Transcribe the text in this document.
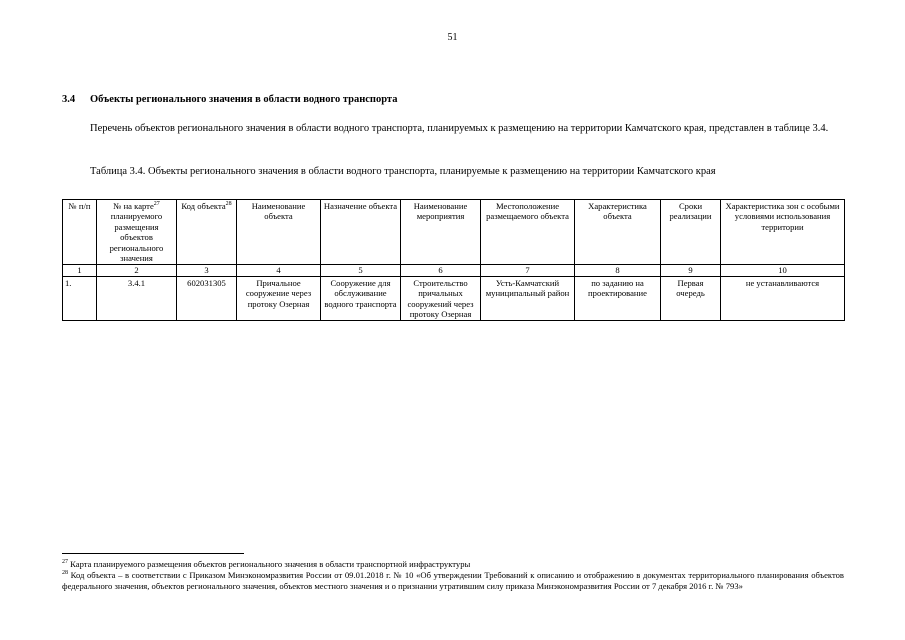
51
3.4 Объекты регионального значения в области водного транспорта
Перечень объектов регионального значения в области водного транспорта, планируемых к размещению на территории Камчатского края, представлен в таблице 3.4.
Таблица 3.4. Объекты регионального значения в области водного транспорта, планируемые к размещению на территории Камчатского края
№ п/п	№ на карте$^{27}$ планируемого размещения объектов регионального значения	Код объекта$^{28}$	Наименование объекта	Назначение объекта	Наименование мероприятия	Местоположение размещаемого объекта	Характеристика объекта	Сроки реализации	Характеристика зон с особыми условиями использования территории
1	2	3	4	5	6	7	8	9	10
1.	3.4.1	602031305	Причальное сооружение через протоку Озерная	Сооружение для обслуживание водного транспорта	Строительство причальных сооружений через протоку Озерная	Усть-Камчатский муниципальный район	по заданию на проектирование	Первая очередь	не устанавливаются
$^{27}$ Карта планируемого размещения объектов регионального значения в области транспортной инфраструктуры
$^{28}$ Код объекта – в соответствии с Приказом Минэкономразвития России от 09.01.2018 г. № 10 «Об утверждении Требований к описанию и отображению в документах территориального планирования объектов федерального значения, объектов регионального значения, объектов местного значения и о признании утратившим силу приказа Минэкономразвития России от 7 декабря 2016 г. № 793»
